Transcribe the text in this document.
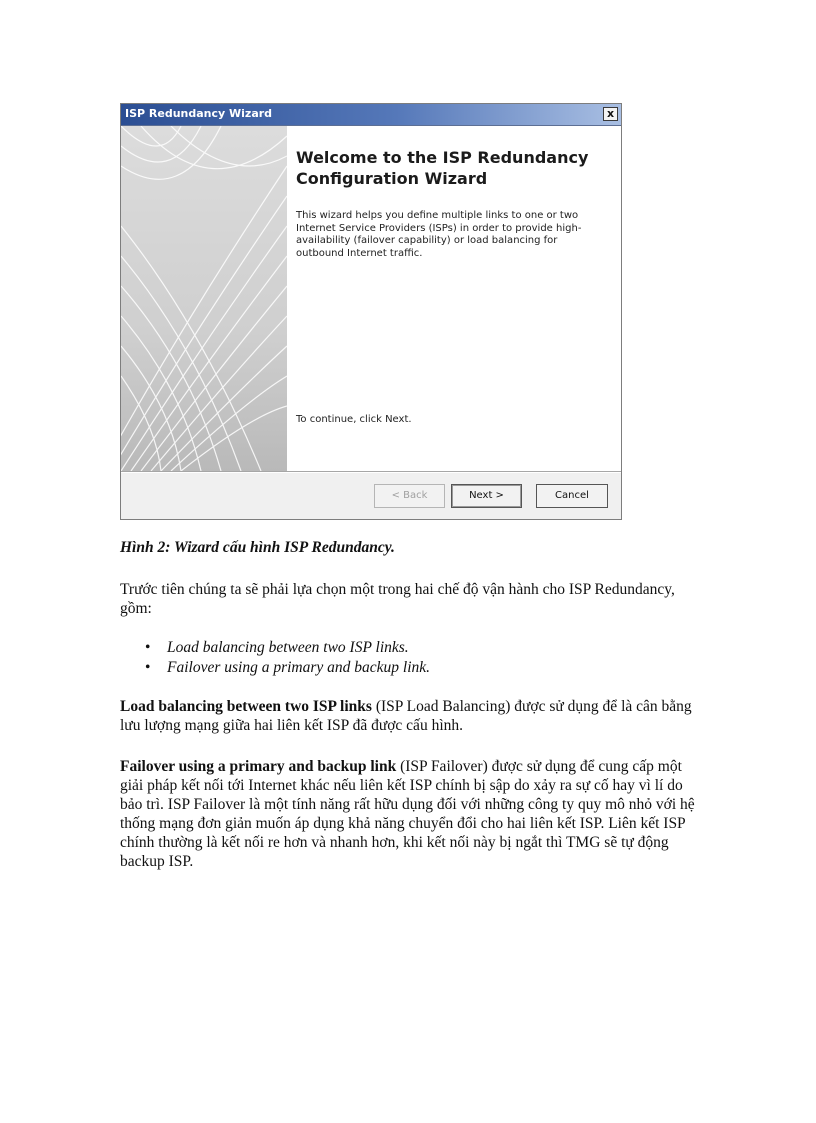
ISP Redundancy Wizard	x
Welcome to the ISP Redundancy Configuration Wizard

This wizard helps you define multiple links to one or two Internet Service Providers (ISPs) in order to provide high-availability (failover capability) or load balancing for outbound Internet traffic.

To continue, click Next.

< Back	Next >	Cancel

Hình 2: Wizard cấu hình ISP Redundancy.

Trước tiên chúng ta sẽ phải lựa chọn một trong hai chế độ vận hành cho ISP Redundancy, gồm:

• Load balancing between two ISP links.
• Failover using a primary and backup link.

Load balancing between two ISP links (ISP Load Balancing) được sử dụng để là cân bằng lưu lượng mạng giữa hai liên kết ISP đã được cấu hình.

Failover using a primary and backup link (ISP Failover) được sử dụng để cung cấp một giải pháp kết nối tới Internet khác nếu liên kết ISP chính bị sập do xảy ra sự cố hay vì lí do bảo trì. ISP Failover là một tính năng rất hữu dụng đối với những công ty quy mô nhỏ với hệ thống mạng đơn giản muốn áp dụng khả năng chuyển đổi cho hai liên kết ISP. Liên kết ISP chính thường là kết nối re hơn và nhanh hơn, khi kết nối này bị ngắt thì TMG sẽ tự động backup ISP.
